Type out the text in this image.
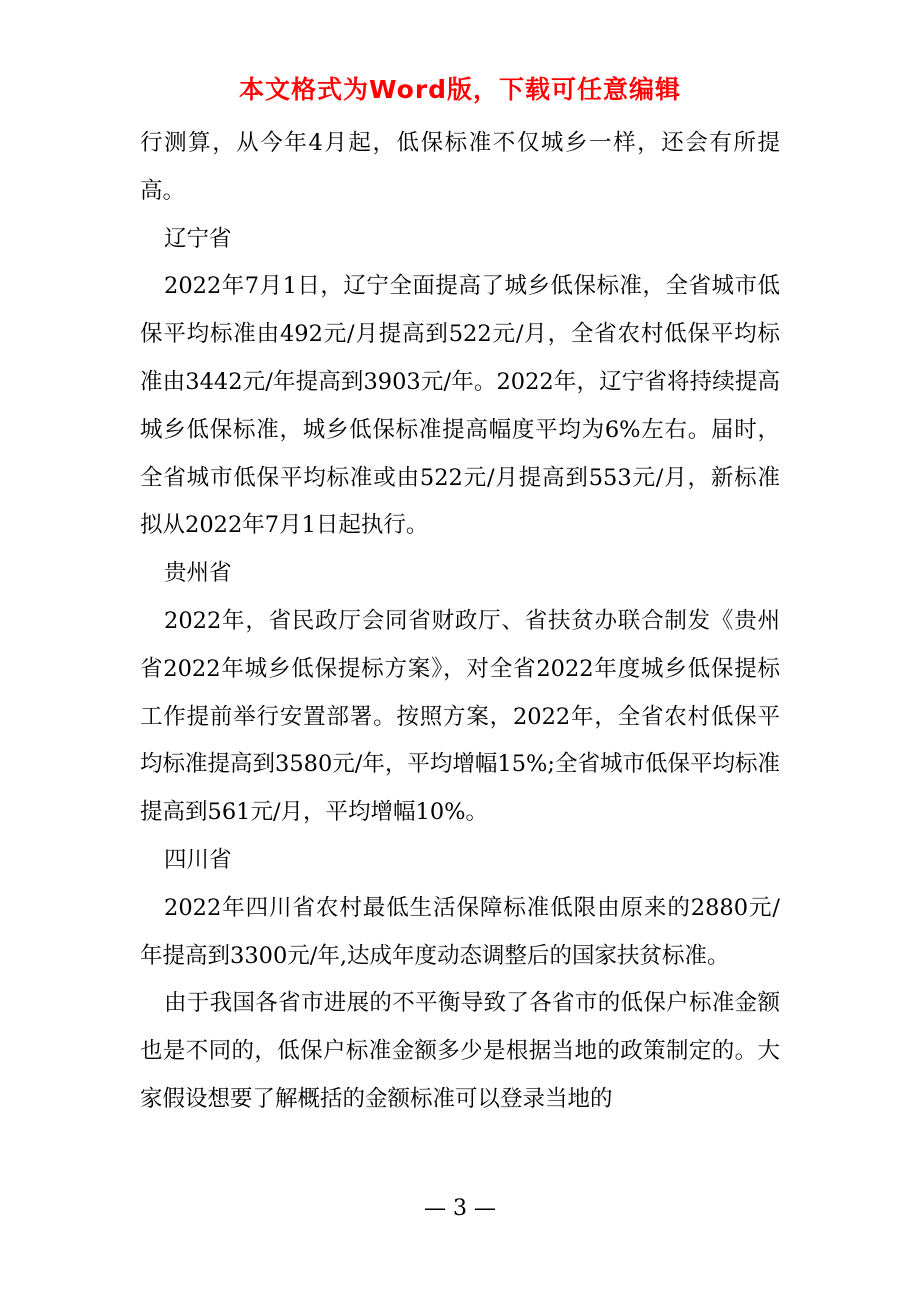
本文格式为Word版，下载可任意编辑

行测算，从今年4月起，低保标准不仅城乡一样，还会有所提高。

辽宁省

2022年7月1日，辽宁全面提高了城乡低保标准，全省城市低保平均标准由492元/月提高到522元/月，全省农村低保平均标准由3442元/年提高到3903元/年。2022年，辽宁省将持续提高城乡低保标准，城乡低保标准提高幅度平均为6%左右。届时，全省城市低保平均标准或由522元/月提高到553元/月，新标准拟从2022年7月1日起执行。

贵州省

2022年，省民政厅会同省财政厅、省扶贫办联合制发《贵州省2022年城乡低保提标方案》，对全省2022年度城乡低保提标工作提前举行安置部署。按照方案，2022年，全省农村低保平均标准提高到3580元/年，平均增幅15%;全省城市低保平均标准提高到561元/月，平均增幅10%。

四川省

2022年四川省农村最低生活保障标准低限由原来的2880元/年提高到3300元/年,达成年度动态调整后的国家扶贫标准。

由于我国各省市进展的不平衡导致了各省市的低保户标准金额也是不同的，低保户标准金额多少是根据当地的政策制定的。大家假设想要了解概括的金额标准可以登录当地的

— 3 —
